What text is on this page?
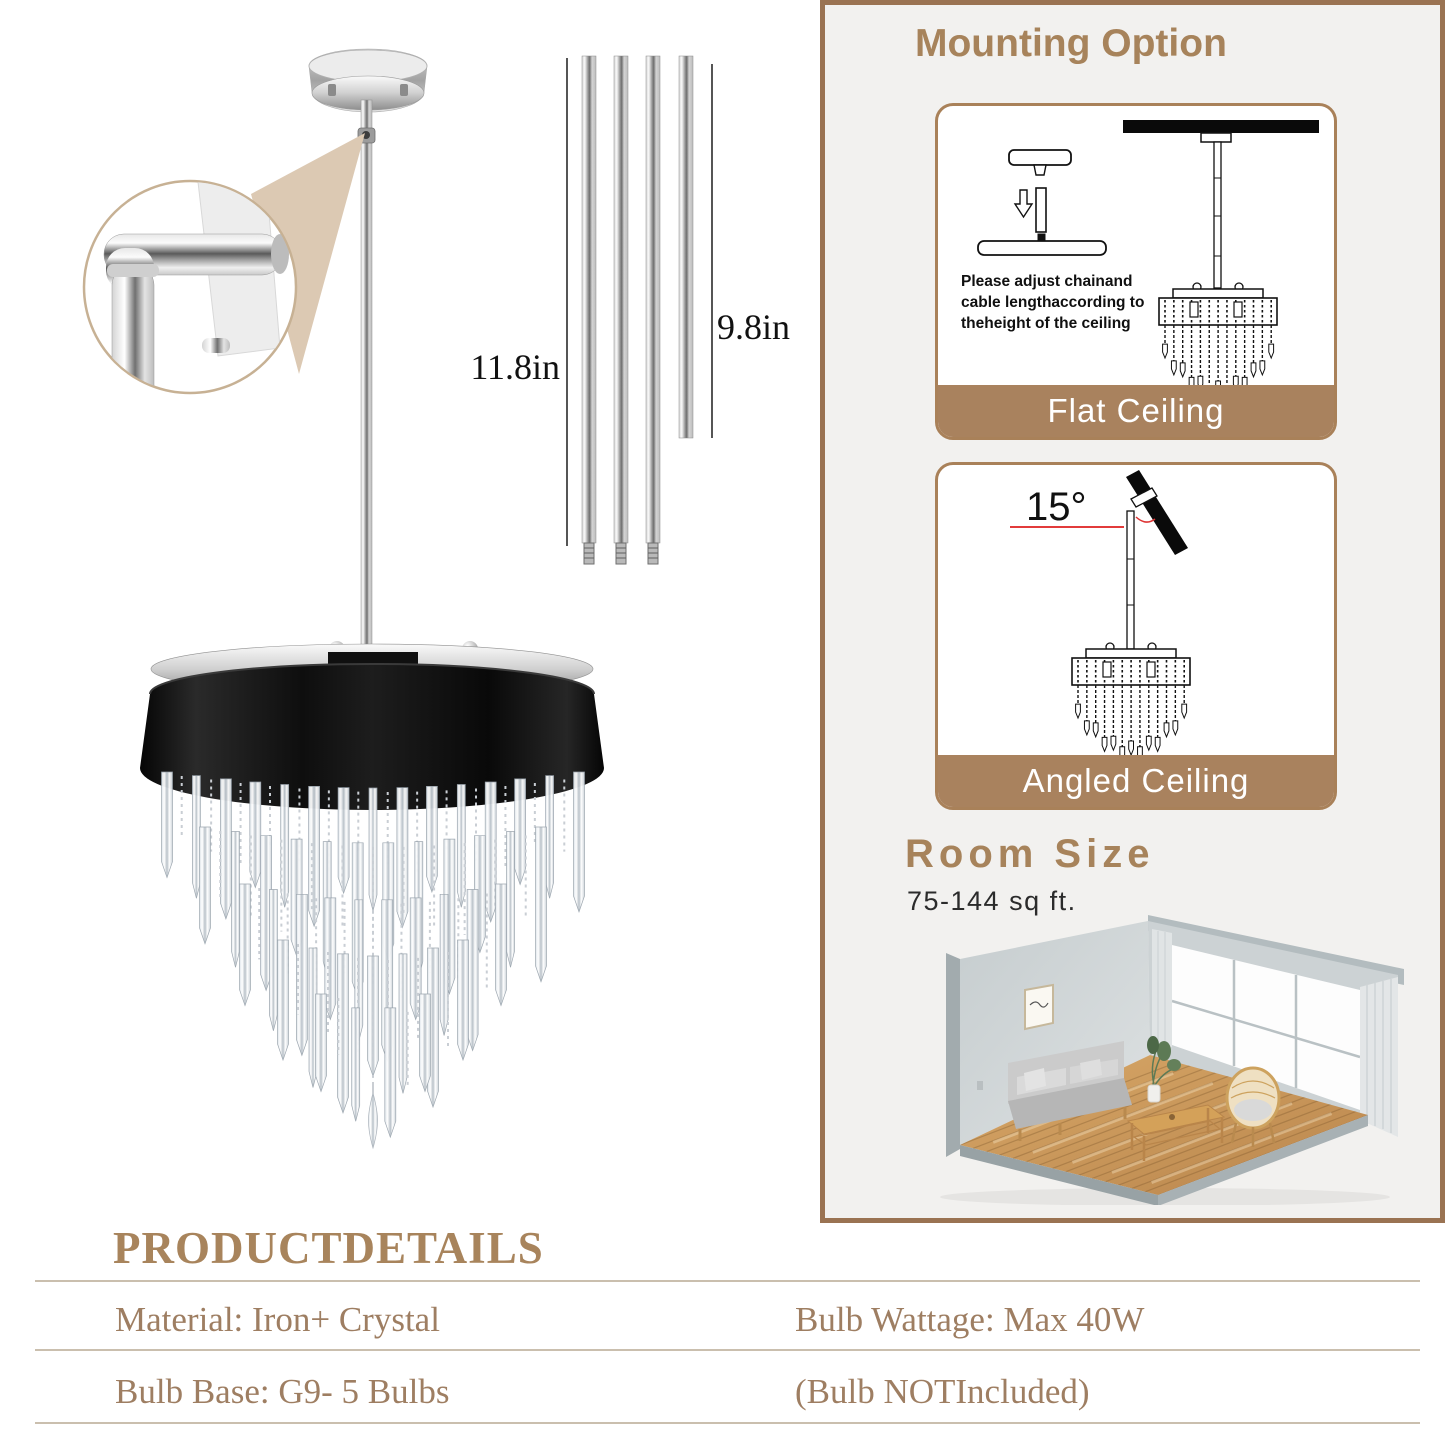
11.8in
9.8in
Mounting Option
Please adjust chainand
cable lengthaccording to
theheight of the ceiling
Flat Ceiling
15°
Angled Ceiling
Room Size
75-144 sq ft.
PRODUCTDETAILS
Material: Iron+ Crystal
Bulb Base: G9- 5 Bulbs
Bulb Wattage: Max 40W
(Bulb NOTIncluded)
